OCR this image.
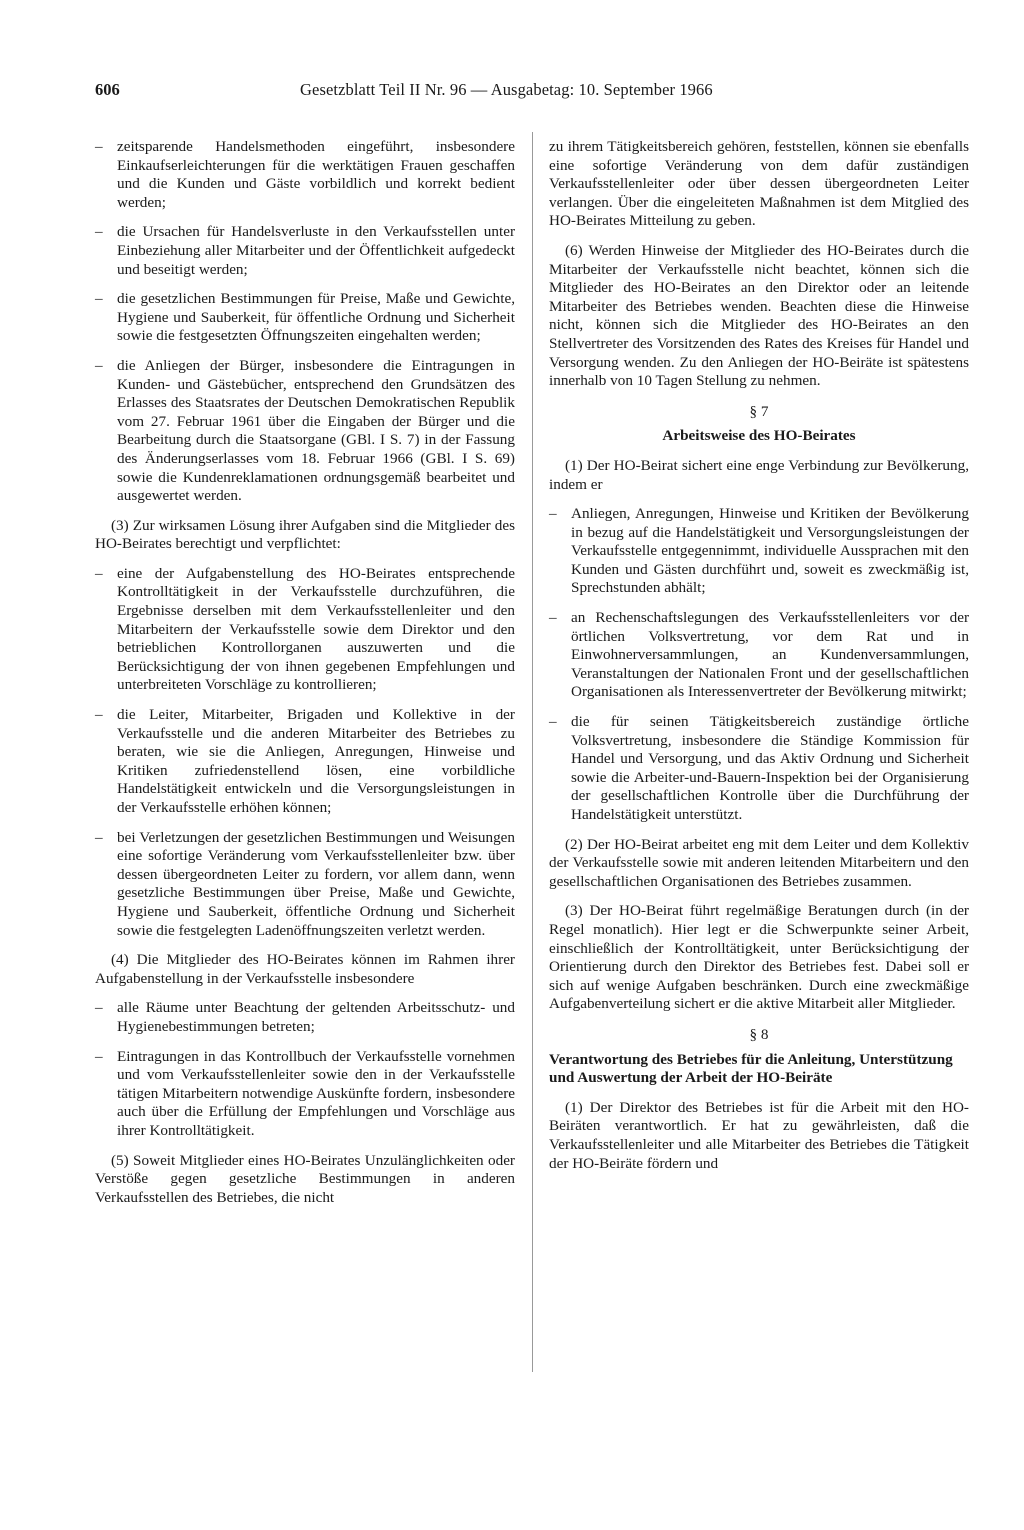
606	Gesetzblatt Teil II Nr. 96 — Ausgabetag: 10. September 1966
– zeitsparende Handelsmethoden eingeführt, insbesondere Einkaufserleichterungen für die werktätigen Frauen geschaffen und die Kunden und Gäste vorbildlich und korrekt bedient werden;
– die Ursachen für Handelsverluste in den Verkaufsstellen unter Einbeziehung aller Mitarbeiter und der Öffentlichkeit aufgedeckt und beseitigt werden;
– die gesetzlichen Bestimmungen für Preise, Maße und Gewichte, Hygiene und Sauberkeit, für öffentliche Ordnung und Sicherheit sowie die festgesetzten Öffnungszeiten eingehalten werden;
– die Anliegen der Bürger, insbesondere die Eintragungen in Kunden- und Gästebücher, entsprechend den Grundsätzen des Erlasses des Staatsrates der Deutschen Demokratischen Republik vom 27. Februar 1961 über die Eingaben der Bürger und die Bearbeitung durch die Staatsorgane (GBl. I S. 7) in der Fassung des Änderungserlasses vom 18. Februar 1966 (GBl. I S. 69) sowie die Kundenreklamationen ordnungsgemäß bearbeitet und ausgewertet werden.

(3) Zur wirksamen Lösung ihrer Aufgaben sind die Mitglieder des HO-Beirates berechtigt und verpflichtet:

– eine der Aufgabenstellung des HO-Beirates entsprechende Kontrolltätigkeit in der Verkaufsstelle durchzuführen, die Ergebnisse derselben mit dem Verkaufsstellenleiter und den Mitarbeitern der Verkaufsstelle sowie dem Direktor und den betrieblichen Kontrollorganen auszuwerten und die Berücksichtigung der von ihnen gegebenen Empfehlungen und unterbreiteten Vorschläge zu kontrollieren;
– die Leiter, Mitarbeiter, Brigaden und Kollektive in der Verkaufsstelle und die anderen Mitarbeiter des Betriebes zu beraten, wie sie die Anliegen, Anregungen, Hinweise und Kritiken zufriedenstellend lösen, eine vorbildliche Handelstätigkeit entwickeln und die Versorgungsleistungen in der Verkaufsstelle erhöhen können;
– bei Verletzungen der gesetzlichen Bestimmungen und Weisungen eine sofortige Veränderung vom Verkaufsstellenleiter bzw. über dessen übergeordneten Leiter zu fordern, vor allem dann, wenn gesetzliche Bestimmungen über Preise, Maße und Gewichte, Hygiene und Sauberkeit, öffentliche Ordnung und Sicherheit sowie die festgelegten Ladenöffnungszeiten verletzt werden.

(4) Die Mitglieder des HO-Beirates können im Rahmen ihrer Aufgabenstellung in der Verkaufsstelle insbesondere

– alle Räume unter Beachtung der geltenden Arbeitsschutz- und Hygienebestimmungen betreten;
– Eintragungen in das Kontrollbuch der Verkaufsstelle vornehmen und vom Verkaufsstellenleiter sowie den in der Verkaufsstelle tätigen Mitarbeitern notwendige Auskünfte fordern, insbesondere auch über die Erfüllung der Empfehlungen und Vorschläge aus ihrer Kontrolltätigkeit.

(5) Soweit Mitglieder eines HO-Beirates Unzulänglichkeiten oder Verstöße gegen gesetzliche Bestimmungen in anderen Verkaufsstellen des Betriebes, die nicht

zu ihrem Tätigkeitsbereich gehören, feststellen, können sie ebenfalls eine sofortige Veränderung von dem dafür zuständigen Verkaufsstellenleiter oder über dessen übergeordneten Leiter verlangen. Über die eingeleiteten Maßnahmen ist dem Mitglied des HO-Beirates Mitteilung zu geben.

(6) Werden Hinweise der Mitglieder des HO-Beirates durch die Mitarbeiter der Verkaufsstelle nicht beachtet, können sich die Mitglieder des HO-Beirates an den Direktor oder an leitende Mitarbeiter des Betriebes wenden. Beachten diese die Hinweise nicht, können sich die Mitglieder des HO-Beirates an den Stellvertreter des Vorsitzenden des Rates des Kreises für Handel und Versorgung wenden. Zu den Anliegen der HO-Beiräte ist spätestens innerhalb von 10 Tagen Stellung zu nehmen.

§ 7
Arbeitsweise des HO-Beirates

(1) Der HO-Beirat sichert eine enge Verbindung zur Bevölkerung, indem er

– Anliegen, Anregungen, Hinweise und Kritiken der Bevölkerung in bezug auf die Handelstätigkeit und Versorgungsleistungen der Verkaufsstelle entgegennimmt, individuelle Aussprachen mit den Kunden und Gästen durchführt und, soweit es zweckmäßig ist, Sprechstunden abhält;
– an Rechenschaftslegungen des Verkaufsstellenleiters vor der örtlichen Volksvertretung, vor dem Rat und in Einwohnerversammlungen, an Kundenversammlungen, Veranstaltungen der Nationalen Front und der gesellschaftlichen Organisationen als Interessenvertreter der Bevölkerung mitwirkt;
– die für seinen Tätigkeitsbereich zuständige örtliche Volksvertretung, insbesondere die Ständige Kommission für Handel und Versorgung, und das Aktiv Ordnung und Sicherheit sowie die Arbeiter-und-Bauern-Inspektion bei der Organisierung der gesellschaftlichen Kontrolle über die Durchführung der Handelstätigkeit unterstützt.

(2) Der HO-Beirat arbeitet eng mit dem Leiter und dem Kollektiv der Verkaufsstelle sowie mit anderen leitenden Mitarbeitern und den gesellschaftlichen Organisationen des Betriebes zusammen.

(3) Der HO-Beirat führt regelmäßige Beratungen durch (in der Regel monatlich). Hier legt er die Schwerpunkte seiner Arbeit, einschließlich der Kontrolltätigkeit, unter Berücksichtigung der Orientierung durch den Direktor des Betriebes fest. Dabei soll er sich auf wenige Aufgaben beschränken. Durch eine zweckmäßige Aufgabenverteilung sichert er die aktive Mitarbeit aller Mitglieder.

§ 8
Verantwortung des Betriebes für die Anleitung, Unterstützung und Auswertung der Arbeit der HO-Beiräte

(1) Der Direktor des Betriebes ist für die Arbeit mit den HO-Beiräten verantwortlich. Er hat zu gewährleisten, daß die Verkaufsstellenleiter und alle Mitarbeiter des Betriebes die Tätigkeit der HO-Beiräte fördern und
